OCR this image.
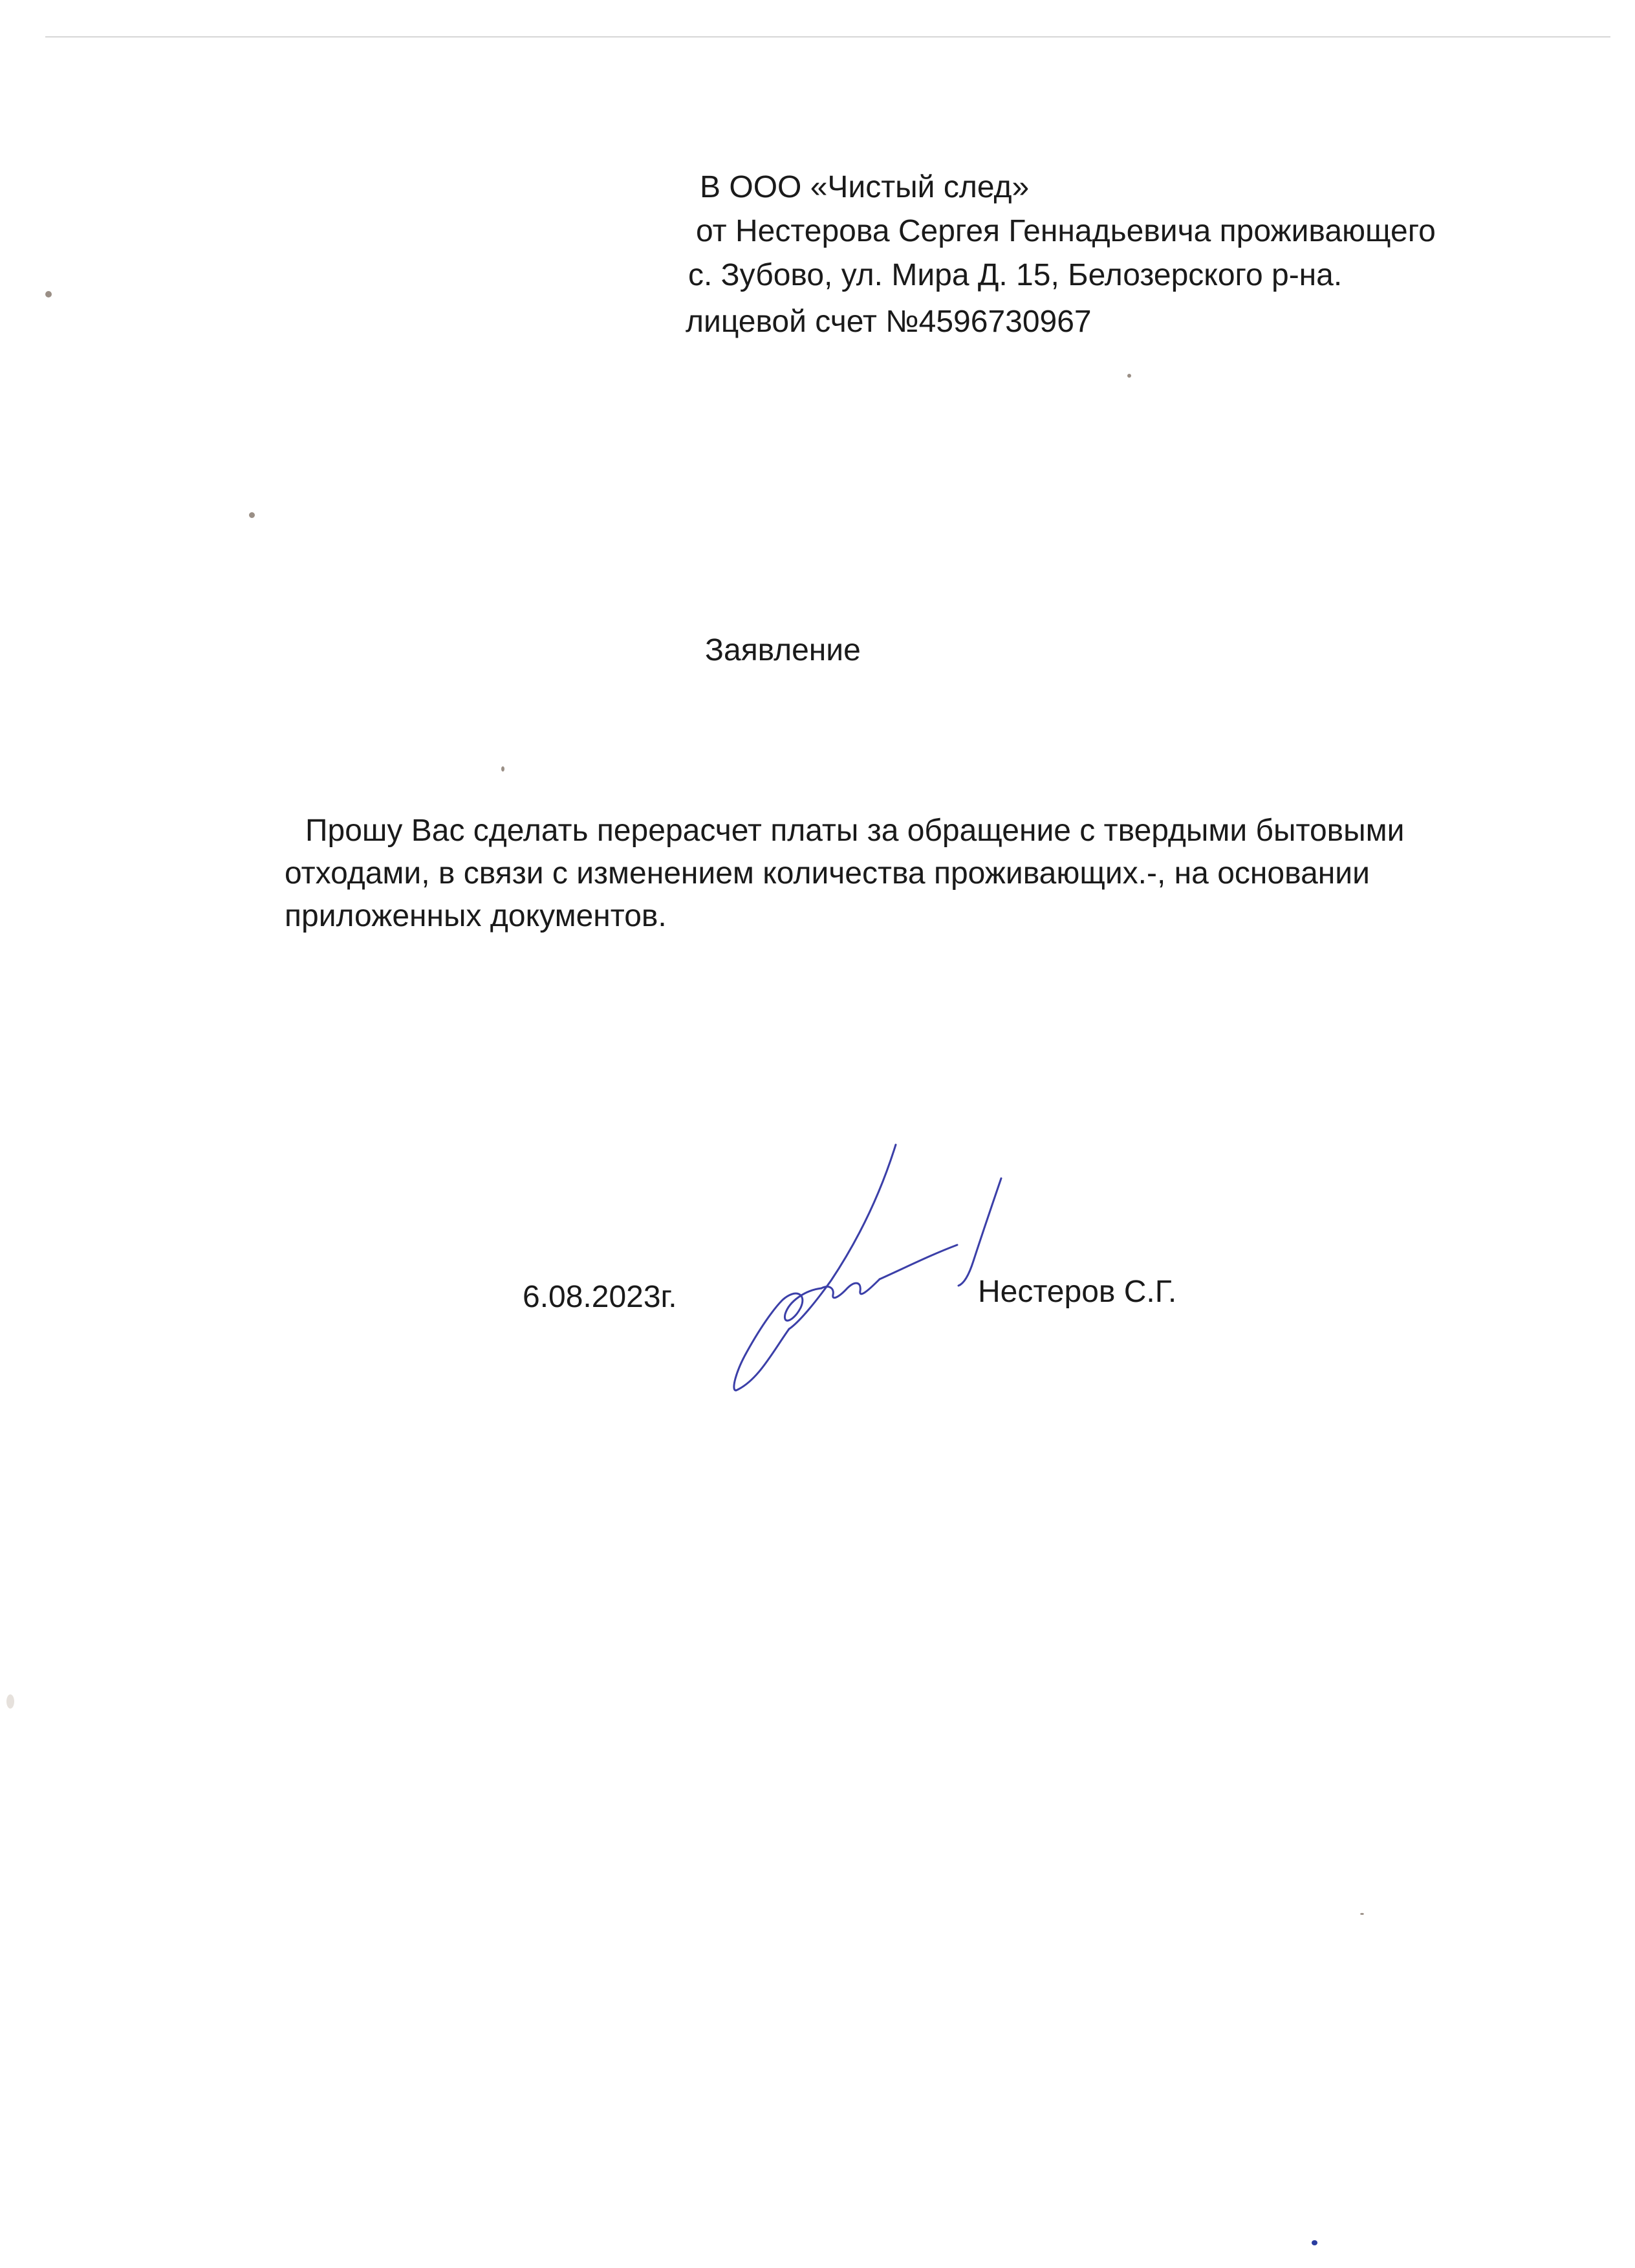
В ООО «Чистый след»
от Нестерова Сергея Геннадьевича проживающего
с. Зубово, ул. Мира Д. 15, Белозерского р-на.
лицевой счет №4596730967
Заявление
Прошу Вас сделать перерасчет платы за обращение с твердыми бытовыми
отходами, в связи с изменением количества проживающих.-, на основании
приложенных документов.
6.08.2023г.	Нестеров С.Г.
